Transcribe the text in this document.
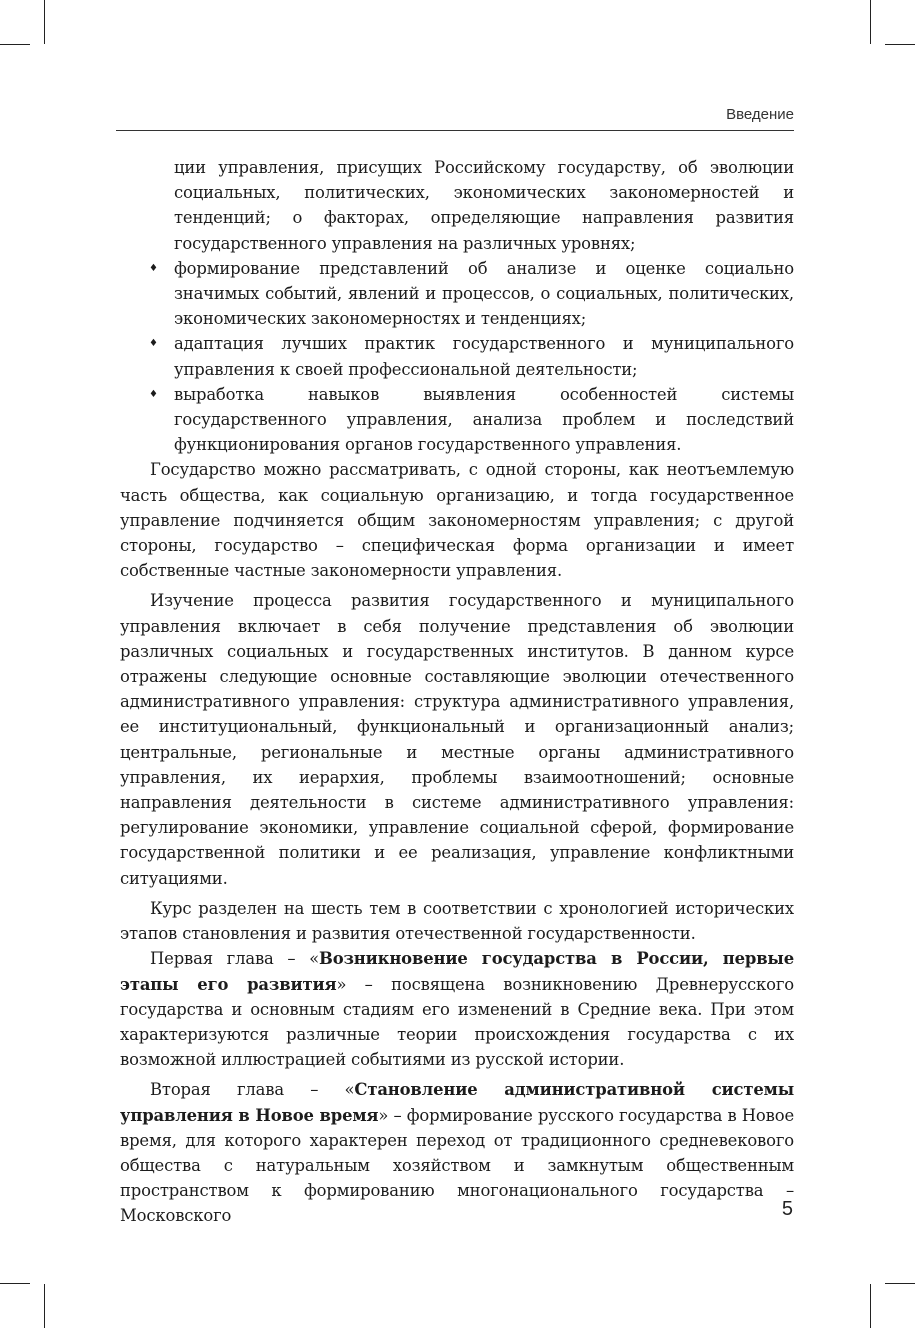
Введение

ции управления, присущих Российскому государству, об эволюции социальных, политических, экономических закономерностей и тенденций; о факторах, определяющие направления развития государственного управления на различных уровнях;

♦ формирование представлений об анализе и оценке социально значимых событий, явлений и процессов, о социальных, политических, экономических закономерностях и тенденциях;
♦ адаптация лучших практик государственного и муниципального управления к своей профессиональной деятельности;
♦ выработка навыков выявления особенностей системы государственного управления, анализа проблем и последствий функционирования органов государственного управления.

Государство можно рассматривать, с одной стороны, как неотъемлемую часть общества, как социальную организацию, и тогда государственное управление подчиняется общим закономерностям управления; с другой стороны, государство – специфическая форма организации и имеет собственные частные закономерности управления.

Изучение процесса развития государственного и муниципального управления включает в себя получение представления об эволюции различных социальных и государственных институтов. В данном курсе отражены следующие основные составляющие эволюции отечественного административного управления: структура административного управления, ее институциональный, функциональный и организационный анализ; центральные, региональные и местные органы административного управления, их иерархия, проблемы взаимоотношений; основные направления деятельности в системе административного управления: регулирование экономики, управление социальной сферой, формирование государственной политики и ее реализация, управление конфликтными ситуациями.

Курс разделен на шесть тем в соответствии с хронологией исторических этапов становления и развития отечественной государственности.

Первая глава – «Возникновение государства в России, первые этапы его развития» – посвящена возникновению Древнерусского государства и основным стадиям его изменений в Средние века. При этом характеризуются различные теории происхождения государства с их возможной иллюстрацией событиями из русской истории.

Вторая глава – «Становление административной системы управления в Новое время» – формирование русского государства в Новое время, для которого характерен переход от традиционного средневекового общества с натуральным хозяйством и замкнутым общественным пространством к формированию многонационального государства – Московского	5
